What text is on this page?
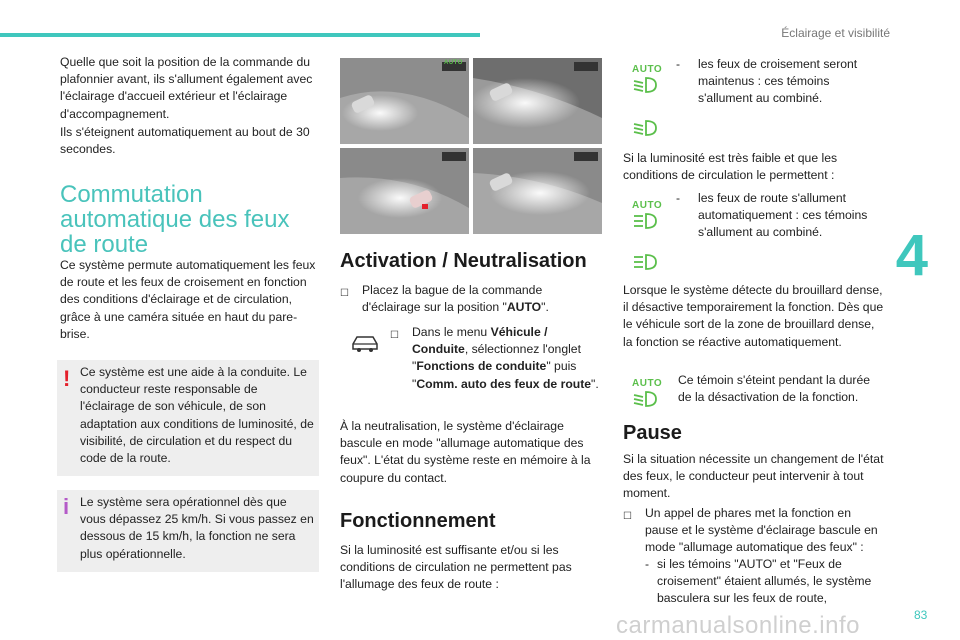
Éclairage et visibilité
4
83
carmanualsonline.info

Quelle que soit la position de la commande du plafonnier avant, ils s'allument également avec l'éclairage d'accueil extérieur et l'éclairage d'accompagnement.

Ils s'éteignent automatiquement au bout de 30 secondes.

Commutation automatique des feux de route

Ce système permute automatiquement les feux de route et les feux de croisement en fonction des conditions d'éclairage et de circulation, grâce à une caméra située en haut du pare-brise.

! Ce système est une aide à la conduite. Le conducteur reste responsable de l'éclairage de son véhicule, de son adaptation aux conditions de luminosité, de visibilité, de circulation et du respect du code de la route.

i Le système sera opérationnel dès que vous dépassez 25 km/h. Si vous passez en dessous de 15 km/h, la fonction ne sera plus opérationnelle.

AUTO
Activation / Neutralisation
☐ Placez la bague de la commande d'éclairage sur la position "AUTO".
☐ Dans le menu Véhicule / Conduite, sélectionnez l'onglet "Fonctions de conduite" puis "Comm. auto des feux de route".

À la neutralisation, le système d'éclairage bascule en mode "allumage automatique des feux". L'état du système reste en mémoire à la coupure du contact.

Fonctionnement

Si la luminosité est suffisante et/ou si les conditions de circulation ne permettent pas l'allumage des feux de route :

AUTO - les feux de croisement seront maintenus : ces témoins s'allument au combiné.

Si la luminosité est très faible et que les conditions de circulation le permettent :

AUTO
- les feux de route s'allument automatiquement : ces témoins s'allument au combiné.

Lorsque le système détecte du brouillard dense, il désactive temporairement la fonction. Dès que le véhicule sort de la zone de brouillard dense, la fonction se réactive automatiquement.

AUTO Ce témoin s'éteint pendant la durée de la désactivation de la fonction.

Pause

Si la situation nécessite un changement de l'état des feux, le conducteur peut intervenir à tout moment.

☐ Un appel de phares met la fonction en pause et le système d'éclairage bascule en mode "allumage automatique des feux" :
- si les témoins "AUTO" et "Feux de croisement" étaient allumés, le système basculera sur les feux de route,
